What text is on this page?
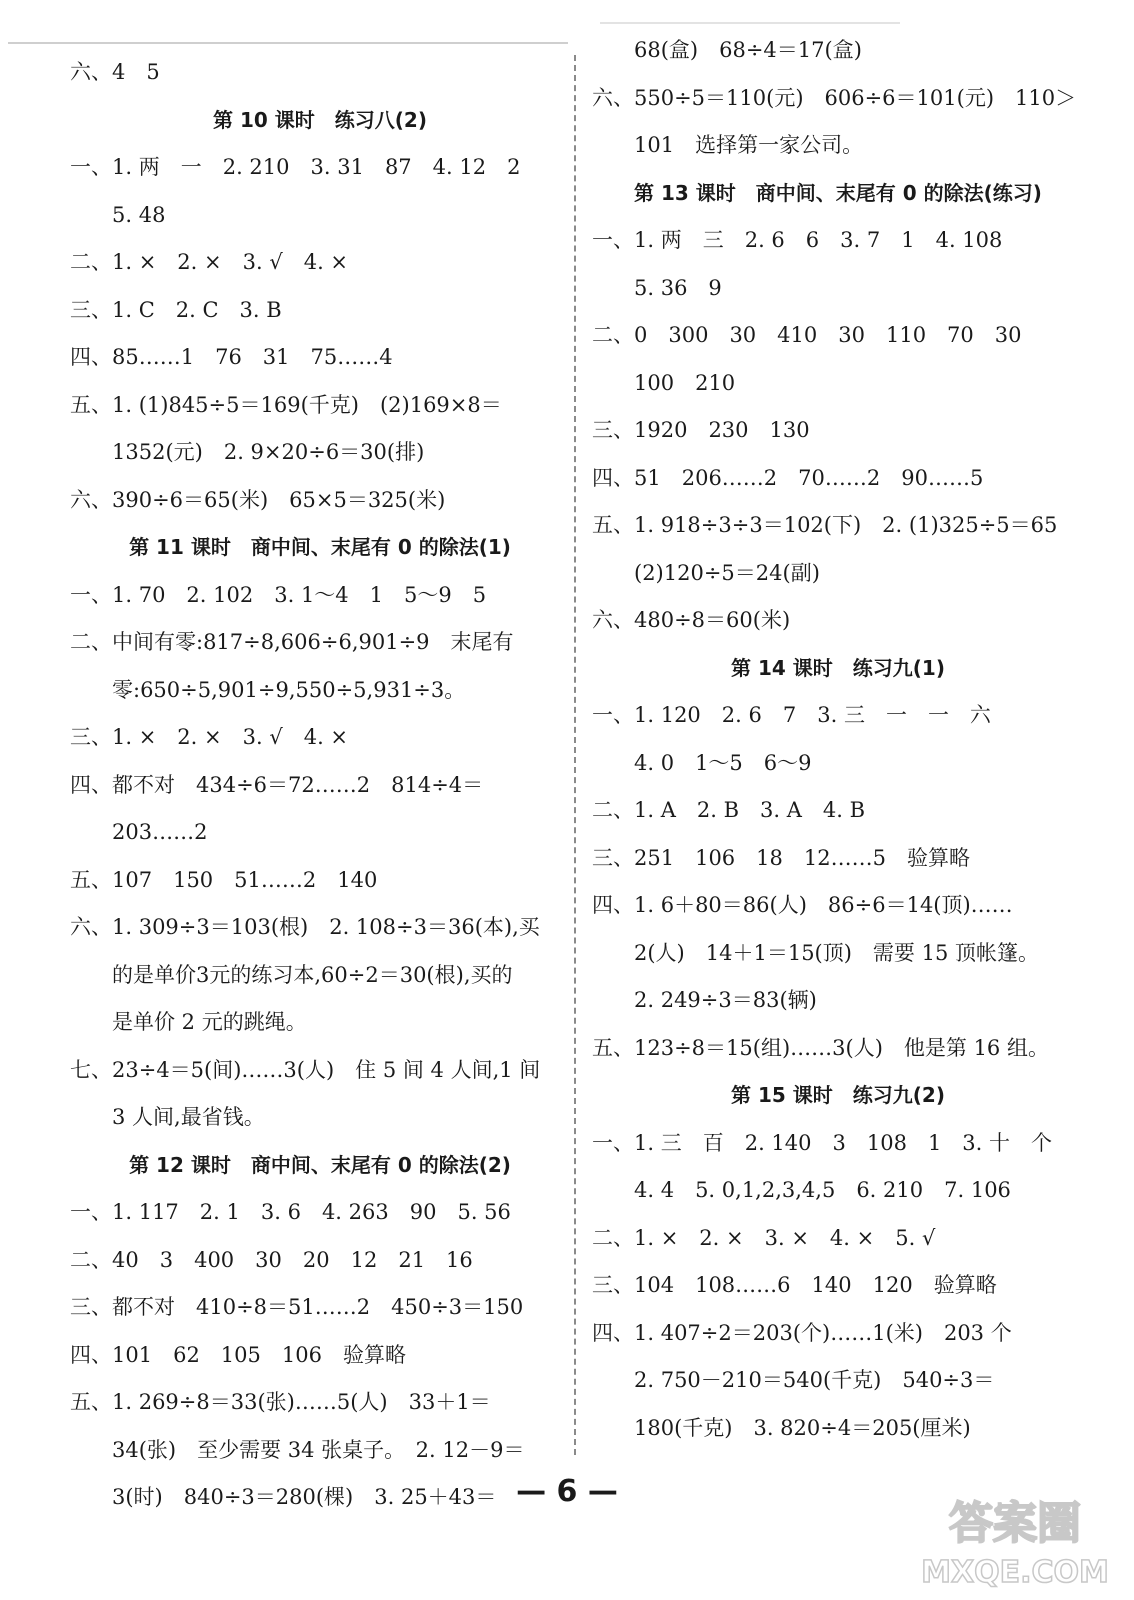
六、4　5
第 10 课时　练习八(2)
一、1. 两　一　2. 210　3. 31　87　4. 12　2
5. 48
二、1. ×　2. ×　3. √　4. ×
三、1. C　2. C　3. B
四、85……1　76　31　75……4
五、1. (1)845÷5＝169(千克)　(2)169×8＝
1352(元)　2. 9×20÷6＝30(排)
六、390÷6＝65(米)　65×5＝325(米)
第 11 课时　商中间、末尾有 0 的除法(1)
一、1. 70　2. 102　3. 1～4　1　5～9　5
二、中间有零:817÷8,606÷6,901÷9　末尾有
零:650÷5,901÷9,550÷5,931÷3。
三、1. ×　2. ×　3. √　4. ×
四、都不对　434÷6＝72……2　814÷4＝
203……2
五、107　150　51……2　140
六、1. 309÷3＝103(根)　2. 108÷3＝36(本),买
的是单价3元的练习本,60÷2＝30(根),买的
是单价 2 元的跳绳。
七、23÷4＝5(间)……3(人)　住 5 间 4 人间,1 间
3 人间,最省钱。
第 12 课时　商中间、末尾有 0 的除法(2)
一、1. 117　2. 1　3. 6　4. 263　90　5. 56
二、40　3　400　30　20　12　21　16
三、都不对　410÷8＝51……2　450÷3＝150
四、101　62　105　106　验算略
五、1. 269÷8＝33(张)……5(人)　33＋1＝
34(张)　至少需要 34 张桌子。　2. 12－9＝
3(时)　840÷3＝280(棵)　3. 25＋43＝
68(盒)　68÷4＝17(盒)
六、550÷5＝110(元)　606÷6＝101(元)　110＞
101　选择第一家公司。
第 13 课时　商中间、末尾有 0 的除法(练习)
一、1. 两　三　2. 6　6　3. 7　1　4. 108
5. 36　9
二、0　300　30　410　30　110　70　30
100　210
三、1920　230　130
四、51　206……2　70……2　90……5
五、1. 918÷3÷3＝102(下)　2. (1)325÷5＝65
(2)120÷5＝24(副)
六、480÷8＝60(米)
第 14 课时　练习九(1)
一、1. 120　2. 6　7　3. 三　一　一　六
4. 0　1～5　6～9
二、1. A　2. B　3. A　4. B
三、251　106　18　12……5　验算略
四、1. 6＋80＝86(人)　86÷6＝14(顶)……
2(人)　14＋1＝15(顶)　需要 15 顶帐篷。
2. 249÷3＝83(辆)
五、123÷8＝15(组)……3(人)　他是第 16 组。
第 15 课时　练习九(2)
一、1. 三　百　2. 140　3　108　1　3. 十　个
4. 4　5. 0,1,2,3,4,5　6. 210　7. 106
二、1. ×　2. ×　3. ×　4. ×　5. √
三、104　108……6　140　120　验算略
四、1. 407÷2＝203(个)……1(米)　203 个
2. 750－210＝540(千克)　540÷3＝
180(千克)　3. 820÷4＝205(厘米)
— 6 —
答案圈
MXQE.COM
